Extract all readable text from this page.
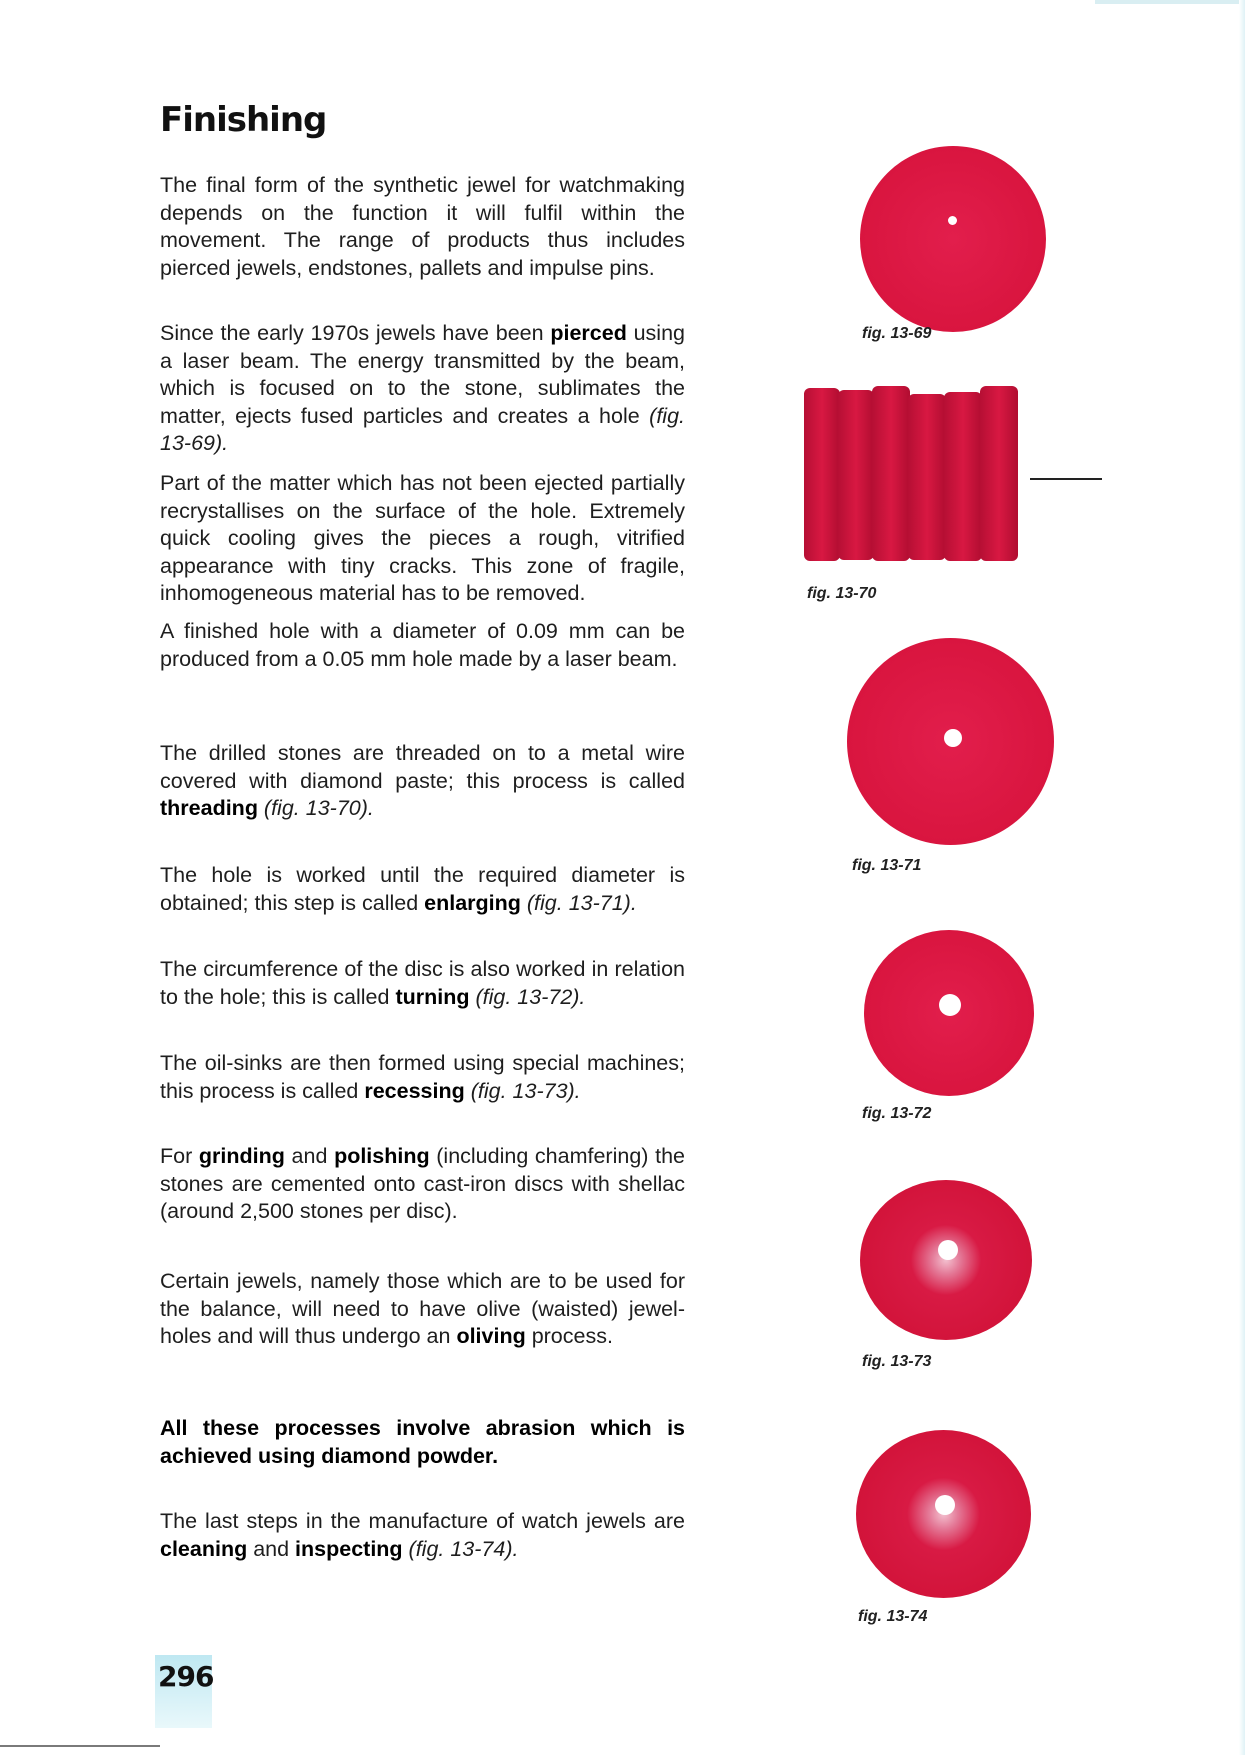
Finishing

The final form of the synthetic jewel for watchmaking depends on the function it will fulfil within the movement. The range of products thus includes pierced jewels, endstones, pallets and impulse pins.

Since the early 1970s jewels have been pierced using a laser beam. The energy transmitted by the beam, which is focused on to the stone, sublimates the matter, ejects fused particles and creates a hole (fig. 13-69).

Part of the matter which has not been ejected partially recrystallises on the surface of the hole. Extremely quick cooling gives the pieces a rough, vitrified appearance with tiny cracks. This zone of fragile, inhomogeneous material has to be removed.

A finished hole with a diameter of 0.09 mm can be produced from a 0.05 mm hole made by a laser beam.

The drilled stones are threaded on to a metal wire covered with diamond paste; this process is called threading (fig. 13-70).

The hole is worked until the required diameter is obtained; this step is called enlarging (fig. 13-71).

The circumference of the disc is also worked in relation to the hole; this is called turning (fig. 13-72).

The oil-sinks are then formed using special machines; this process is called recessing (fig. 13-73).

For grinding and polishing (including chamfering) the stones are cemented onto cast-iron discs with shellac (around 2,500 stones per disc).

Certain jewels, namely those which are to be used for the balance, will need to have olive (waisted) jewel-holes and will thus undergo an oliving process.

All these processes involve abrasion which is achieved using diamond powder.

The last steps in the manufacture of watch jewels are cleaning and inspecting (fig. 13-74).

fig. 13-69
fig. 13-70
fig. 13-71
fig. 13-72
fig. 13-73
fig. 13-74
296
